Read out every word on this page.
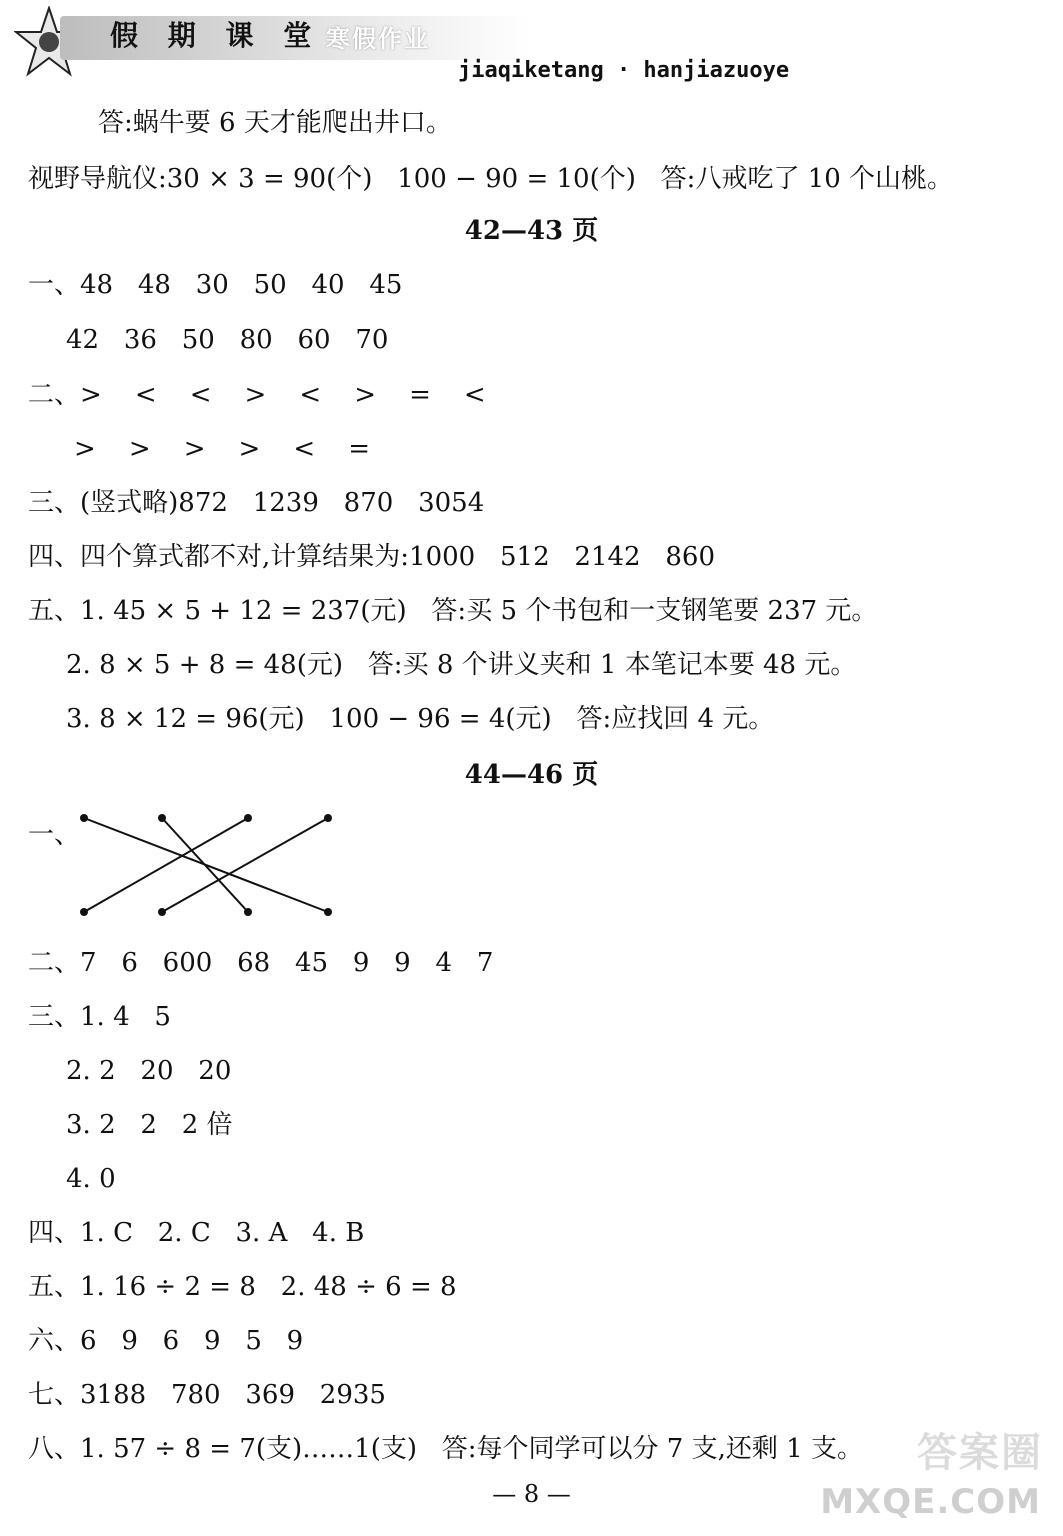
假 期 课 堂 寒假作业
jiaqiketang · hanjiazuoye
答:蜗牛要 6 天才能爬出井口。
视野导航仪:30 × 3 = 90(个)   100 − 90 = 10(个)   答:八戒吃了 10 个山桃。
42—43 页
一、48   48   30   50   40   45
42   36   50   80   60   70
二、>    <    <    >    <    >    =    <
>    >    >    >    <    =
三、(竖式略)872   1239   870   3054
四、四个算式都不对,计算结果为:1000   512   2142   860
五、1. 45 × 5 + 12 = 237(元)   答:买 5 个书包和一支钢笔要 237 元。
2. 8 × 5 + 8 = 48(元)   答:买 8 个讲义夹和 1 本笔记本要 48 元。
3. 8 × 12 = 96(元)   100 − 96 = 4(元)   答:应找回 4 元。
44—46 页
一、
二、7   6   600   68   45   9   9   4   7
三、1. 4   5
2. 2   20   20
3. 2   2   2 倍
4. 0
四、1. C   2. C   3. A   4. B
五、1. 16 ÷ 2 = 8   2. 48 ÷ 6 = 8
六、6   9   6   9   5   9
七、3188   780   369   2935
八、1. 57 ÷ 8 = 7(支)……1(支)   答:每个同学可以分 7 支,还剩 1 支。
— 8 —
答案圈
MXQE.COM
